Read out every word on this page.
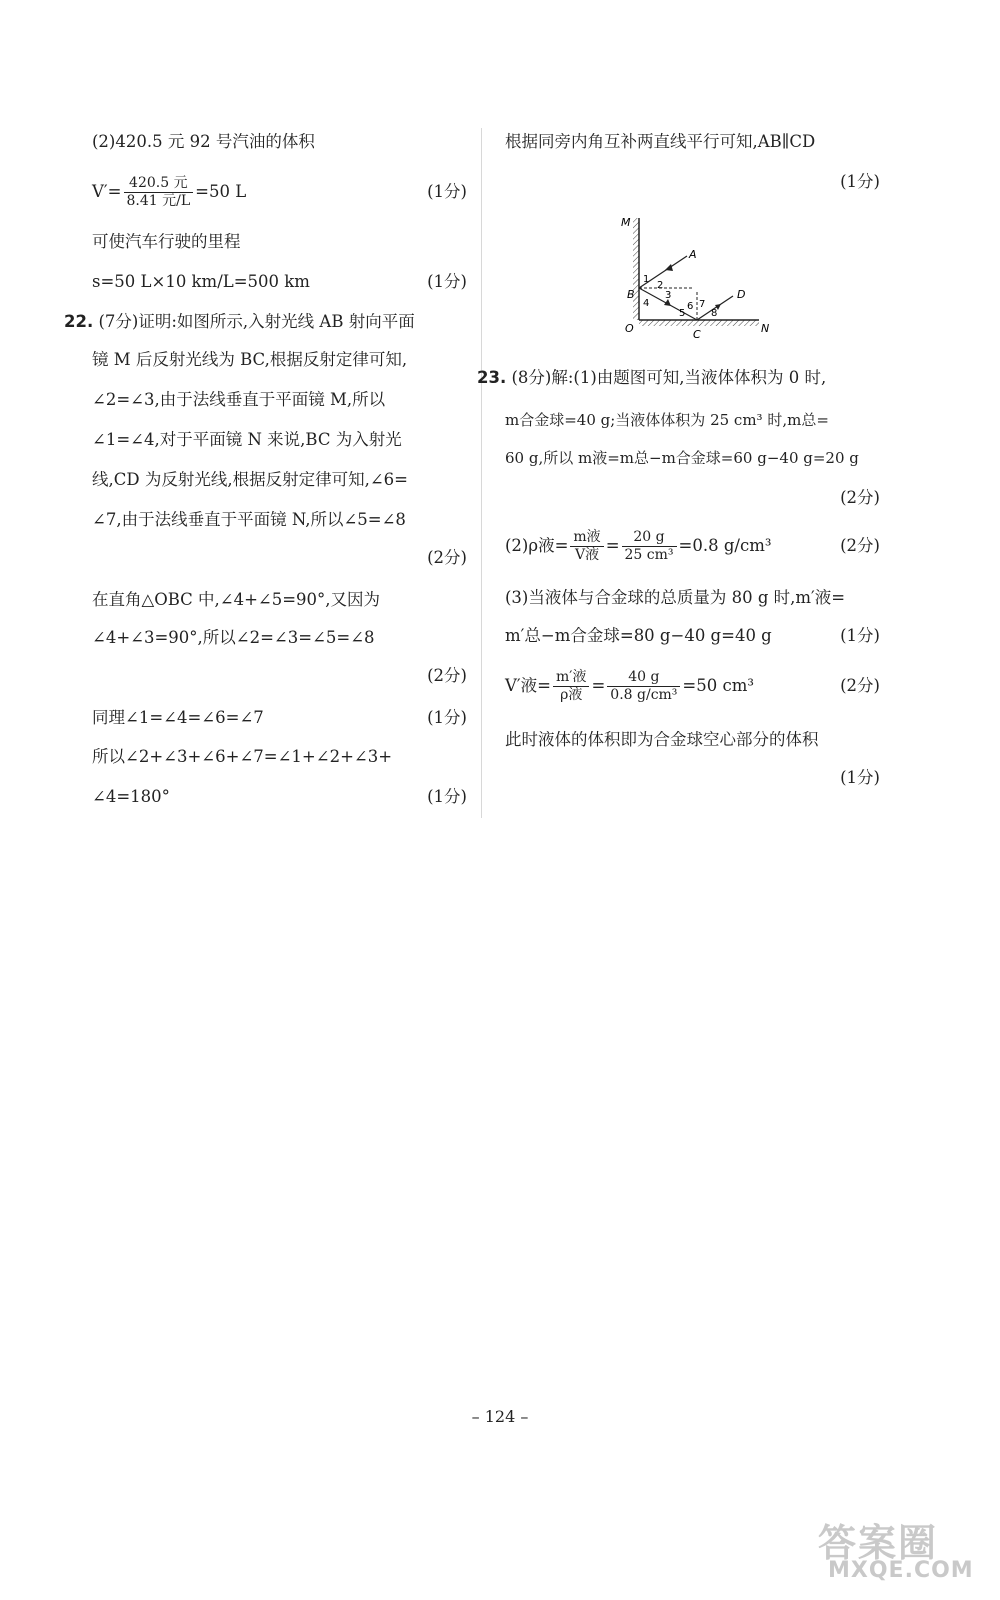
(2)420.5 元 92 号汽油的体积
$V'= \frac{\text{420.5 元}}{\text{8.41 元/L}} =50$ L	(1分)
可使汽车行驶的里程
s=50 L×10 km/L=500 km	(1分)
22. (7分)证明:如图所示,入射光线 AB 射向平面
镜 M 后反射光线为 BC,根据反射定律可知,
∠2=∠3,由于法线垂直于平面镜 M,所以
∠1=∠4,对于平面镜 N 来说,BC 为入射光
线,CD 为反射光线,根据反射定律可知,∠6=
∠7,由于法线垂直于平面镜 N,所以∠5=∠8
(2分)
在直角△OBC 中,∠4+∠5=90°,又因为
∠4+∠3=90°,所以∠2=∠3=∠5=∠8
(2分)
同理∠1=∠4=∠6=∠7	(1分)
所以∠2+∠3+∠6+∠7=∠1+∠2+∠3+
∠4=180°	(1分)
根据同旁内角互补两直线平行可知,AB∥CD
(1分)
M
A
B	D
O	C	N
1
2
3
4
5
6 7
8
23. (8分)解:(1)由题图可知,当液体体积为 0 时,
m合金球=40 g;当液体体积为 25 cm³ 时,m总=
60 g,所以 m液=m总−m合金球=60 g−40 g=20 g
(2分)
(2)ρ液= $\frac{\text{m液}}{\text{V液}} = \frac{20 g}{\text{25 cm³}} =0.8$ g/cm³	(2分)
(3)当液体与合金球的总质量为 80 g 时,m′液=
m′总−m合金球=80 g−40 g=40 g	(1分)
V′液= $\frac{\text{m′液}}{\text{ρ液}} = \frac{40 g}{\text{0.8 g/cm³}} =50$ cm³	(2分)
此时液体的体积即为合金球空心部分的体积
(1分)
– 124 –
答案圈
MXQE.COM
